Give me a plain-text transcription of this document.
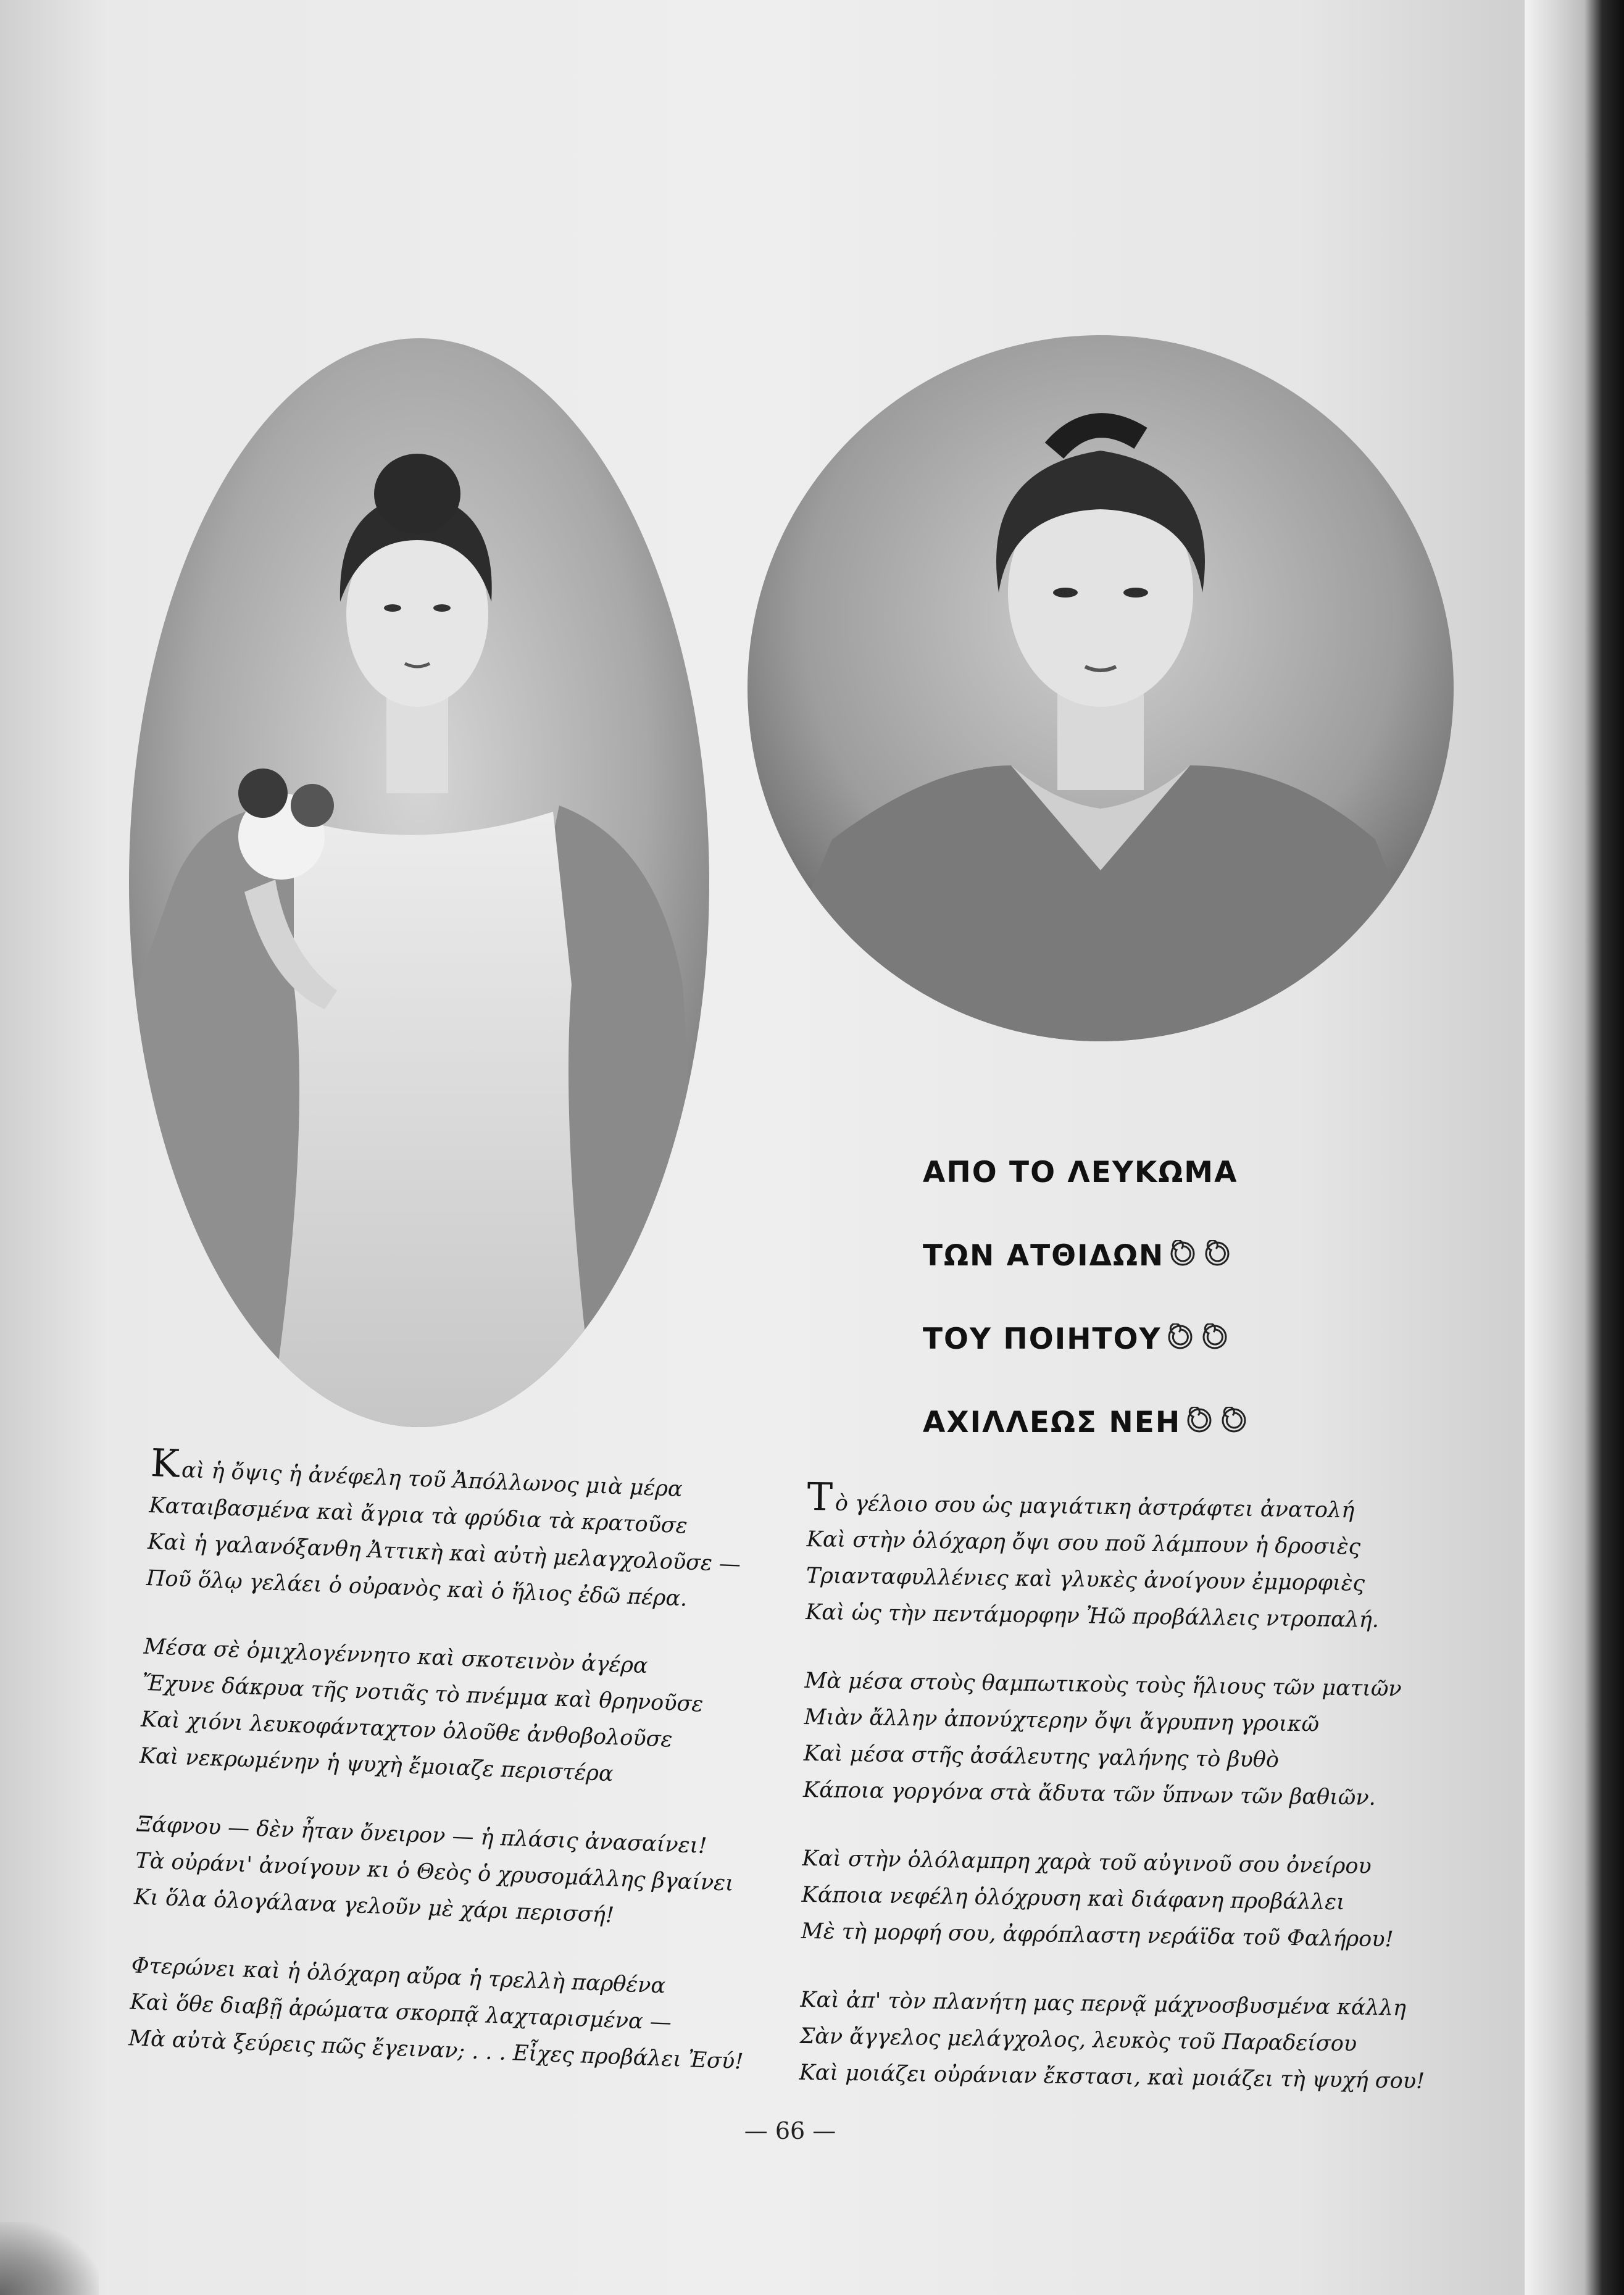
ΑΠΟ ΤΟ ΛΕΥΚΩΜΑ
ΤΩΝ ΑΤΘΙΔΩΝ
ΤΟΥ ΠΟΙΗΤΟΥ
ΑΧΙΛΛΕΩΣ ΝΕΗ
Καὶ ἡ ὄψις ἡ ἀνέφελη τοῦ Ἀπόλλωνος μιὰ μέρα
Καταιβασμένα καὶ ἄγρια τὰ φρύδια τὰ κρατοῦσε
Καὶ ἡ γαλανόξανθη Ἀττικὴ καὶ αὐτὴ μελαγχολοῦσε —
Ποῦ ὅλῳ γελάει ὁ οὐρανὸς καὶ ὁ ἥλιος ἐδῶ πέρα.
Μέσα σὲ ὁμιχλογέννητο καὶ σκοτεινὸν ἀγέρα
Ἔχυνε δάκρυα τῆς νοτιᾶς τὸ πνέμμα καὶ θρηνοῦσε
Καὶ χιόνι λευκοφάνταχτον ὁλοῦθε ἀνθοβολοῦσε
Καὶ νεκρωμένην ἡ ψυχὴ ἔμοιαζε περιστέρα
Ξάφνου — δὲν ἦταν ὄνειρον — ἡ πλάσις ἀνασαίνει!
Τὰ οὐράνι' ἀνοίγουν κι ὁ Θεὸς ὁ χρυσομάλλης βγαίνει
Κι ὅλα ὁλογάλανα γελοῦν μὲ χάρι περισσή!
Φτερώνει καὶ ἡ ὁλόχαρη αὔρα ἡ τρελλὴ παρθένα
Καὶ ὅθε διαβῇ ἀρώματα σκορπᾷ λαχταρισμένα —
Μὰ αὐτὰ ξεύρεις πῶς ἔγειναν; . . . Εἶχες προβάλει Ἐσύ!
Τὸ γέλοιο σου ὡς μαγιάτικη ἀστράφτει ἀνατολή
Καὶ στὴν ὁλόχαρη ὄψι σου ποῦ λάμπουν ἡ δροσιὲς
Τριανταφυλλένιες καὶ γλυκὲς ἀνοίγουν ἐμμορφιὲς
Καὶ ὡς τὴν πεντάμορφην Ἠῶ προβάλλεις ντροπαλή.
Μὰ μέσα στοὺς θαμπωτικοὺς τοὺς ἥλιους τῶν ματιῶν
Μιὰν ἄλλην ἀπονύχτερην ὄψι ἄγρυπνη γροικῶ
Καὶ μέσα στῆς ἀσάλευτης γαλήνης τὸ βυθὸ
Κάποια γοργόνα στὰ ἄδυτα τῶν ὕπνων τῶν βαθιῶν.
Καὶ στὴν ὁλόλαμπρη χαρὰ τοῦ αὐγινοῦ σου ὀνείρου
Κάποια νεφέλη ὁλόχρυση καὶ διάφανη προβάλλει
Μὲ τὴ μορφή σου, ἀφρόπλαστη νεράϊδα τοῦ Φαλήρου!
Καὶ ἀπ' τὸν πλανήτη μας περνᾷ μάχνοσβυσμένα κάλλη
Σὰν ἄγγελος μελάγχολος, λευκὸς τοῦ Παραδείσου
Καὶ μοιάζει οὐράνιαν ἔκστασι, καὶ μοιάζει τὴ ψυχή σου!
— 66 —
